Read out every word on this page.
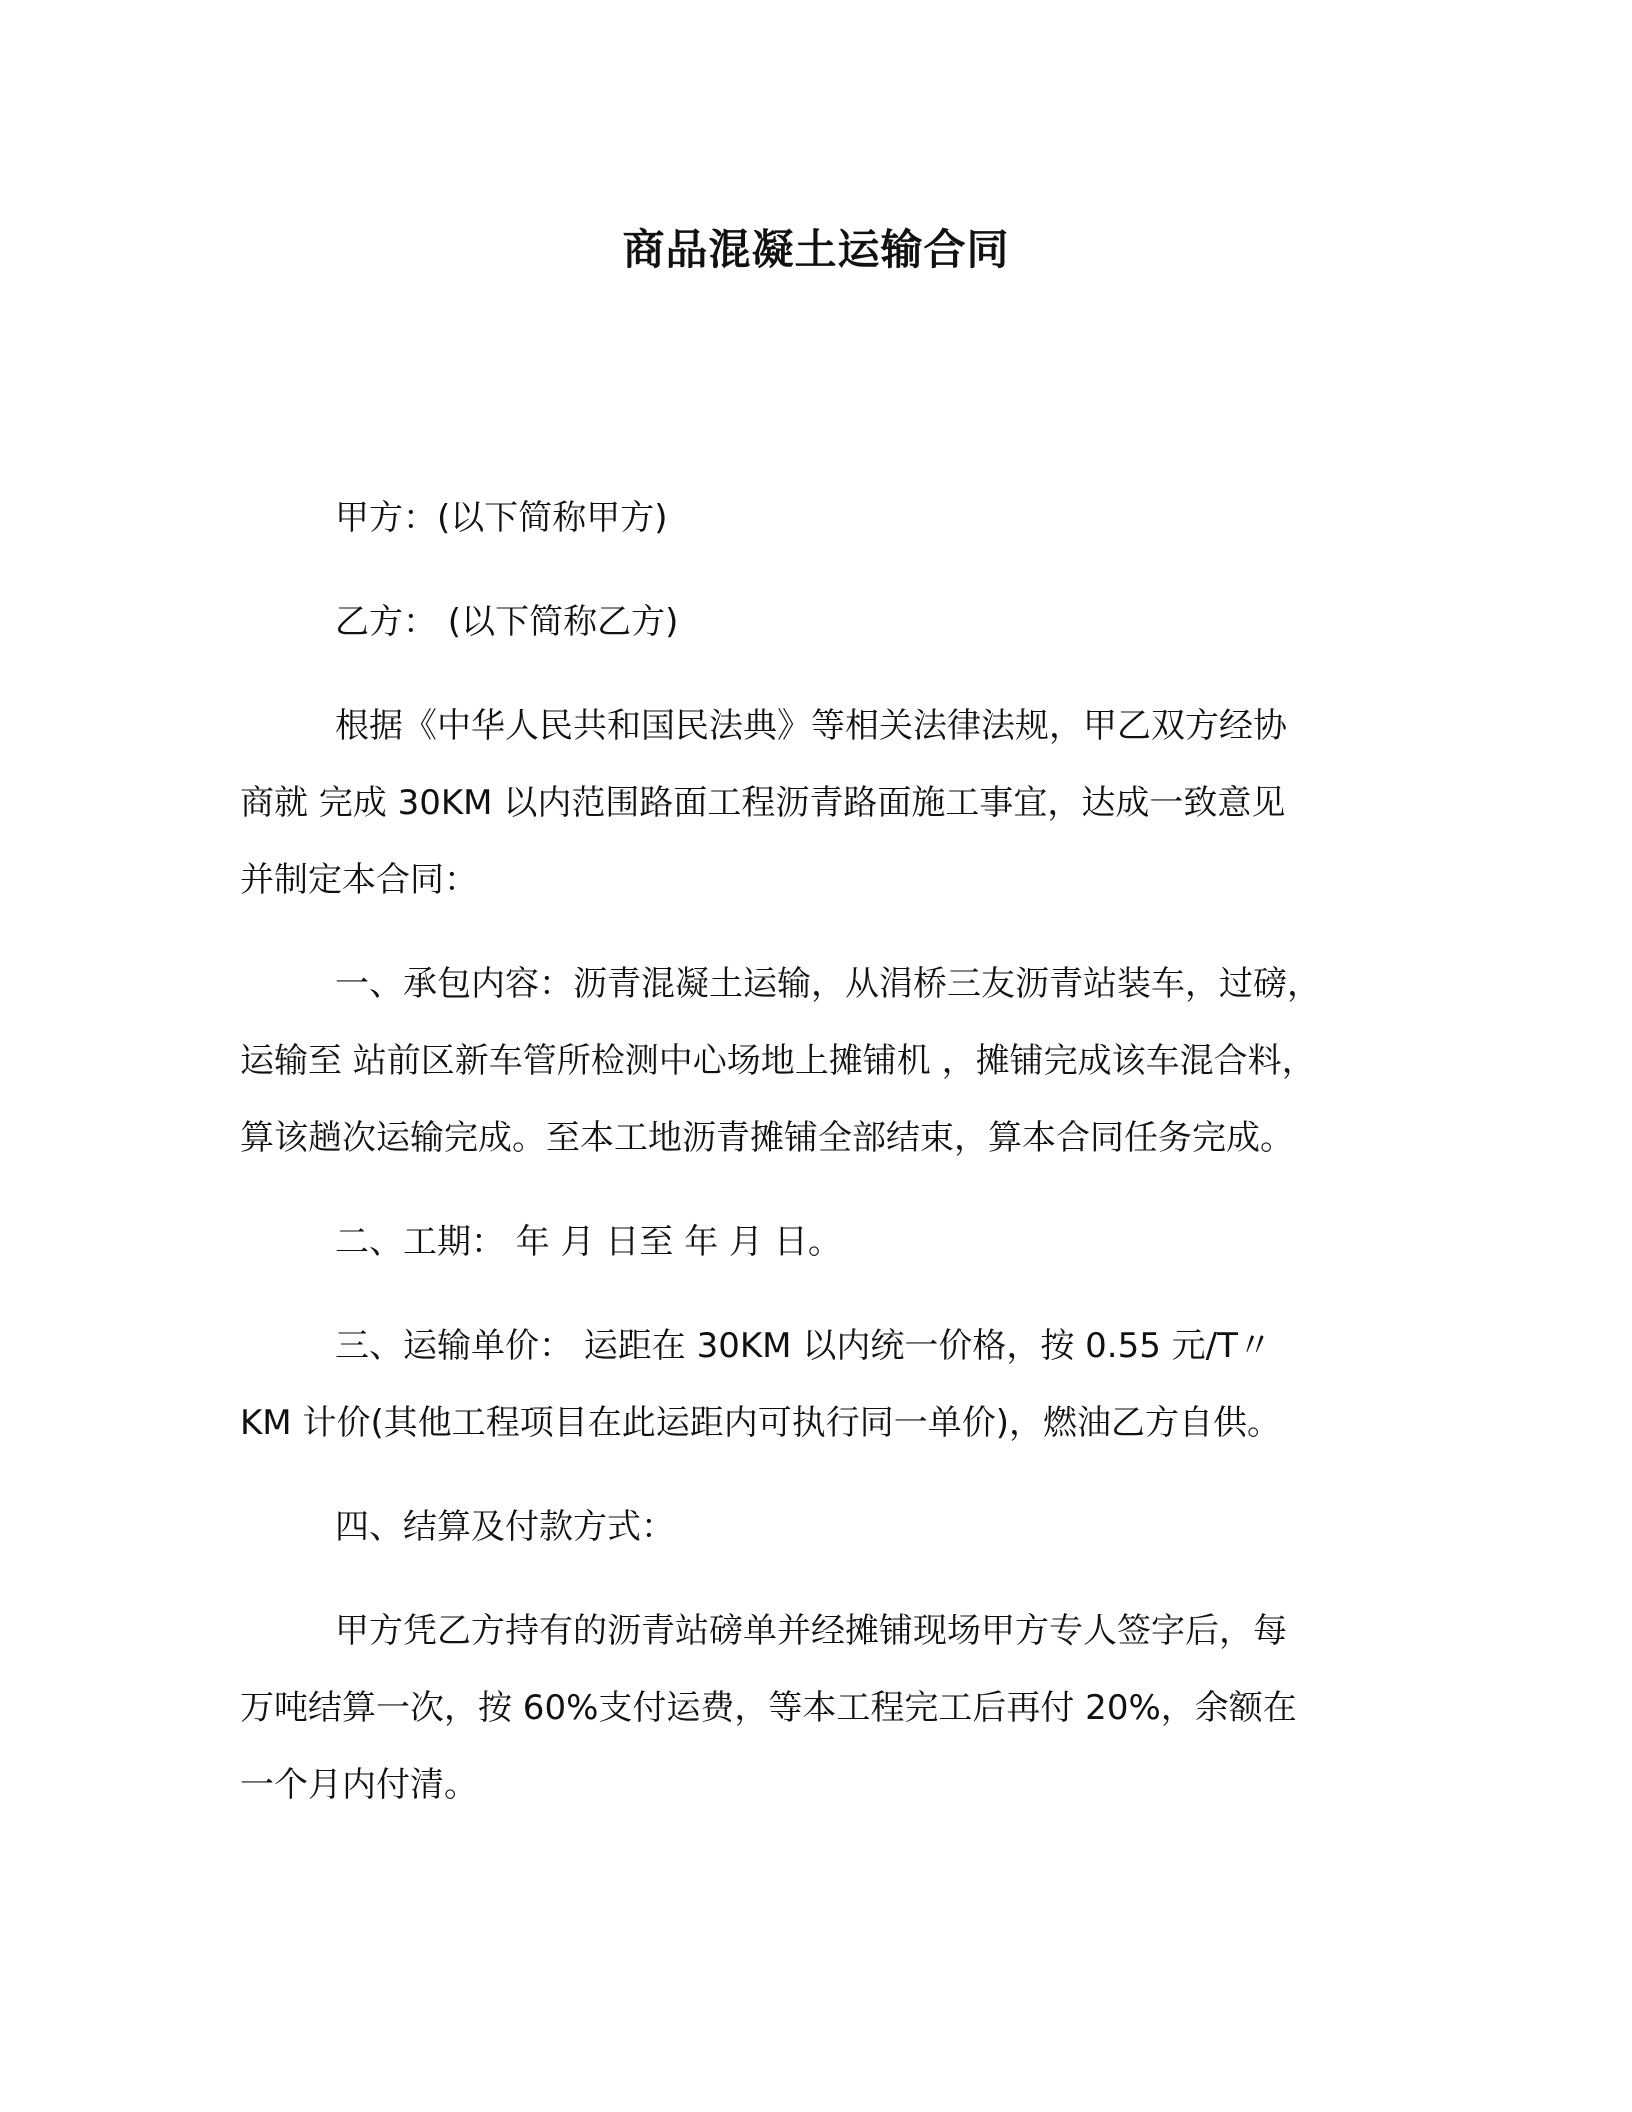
商品混凝土运输合同
甲方：(以下简称甲方)
乙方： (以下简称乙方)
根据《中华人民共和国民法典》等相关法律法规，甲乙双方经协
商就 完成 30KM 以内范围路面工程沥青路面施工事宜，达成一致意见
并制定本合同：
一、承包内容：沥青混凝土运输，从涓桥三友沥青站装车，过磅，
运输至 站前区新车管所检测中心场地上摊铺机 ，摊铺完成该车混合料，
算该趟次运输完成。至本工地沥青摊铺全部结束，算本合同任务完成。
二、工期： 年 月 日至 年 月 日。
三、运输单价： 运距在 30KM 以内统一价格，按 0.55 元/T〃
KM 计价(其他工程项目在此运距内可执行同一单价)，燃油乙方自供。
四、结算及付款方式：
甲方凭乙方持有的沥青站磅单并经摊铺现场甲方专人签字后，每
万吨结算一次，按 60%支付运费，等本工程完工后再付 20%，余额在
一个月内付清。
